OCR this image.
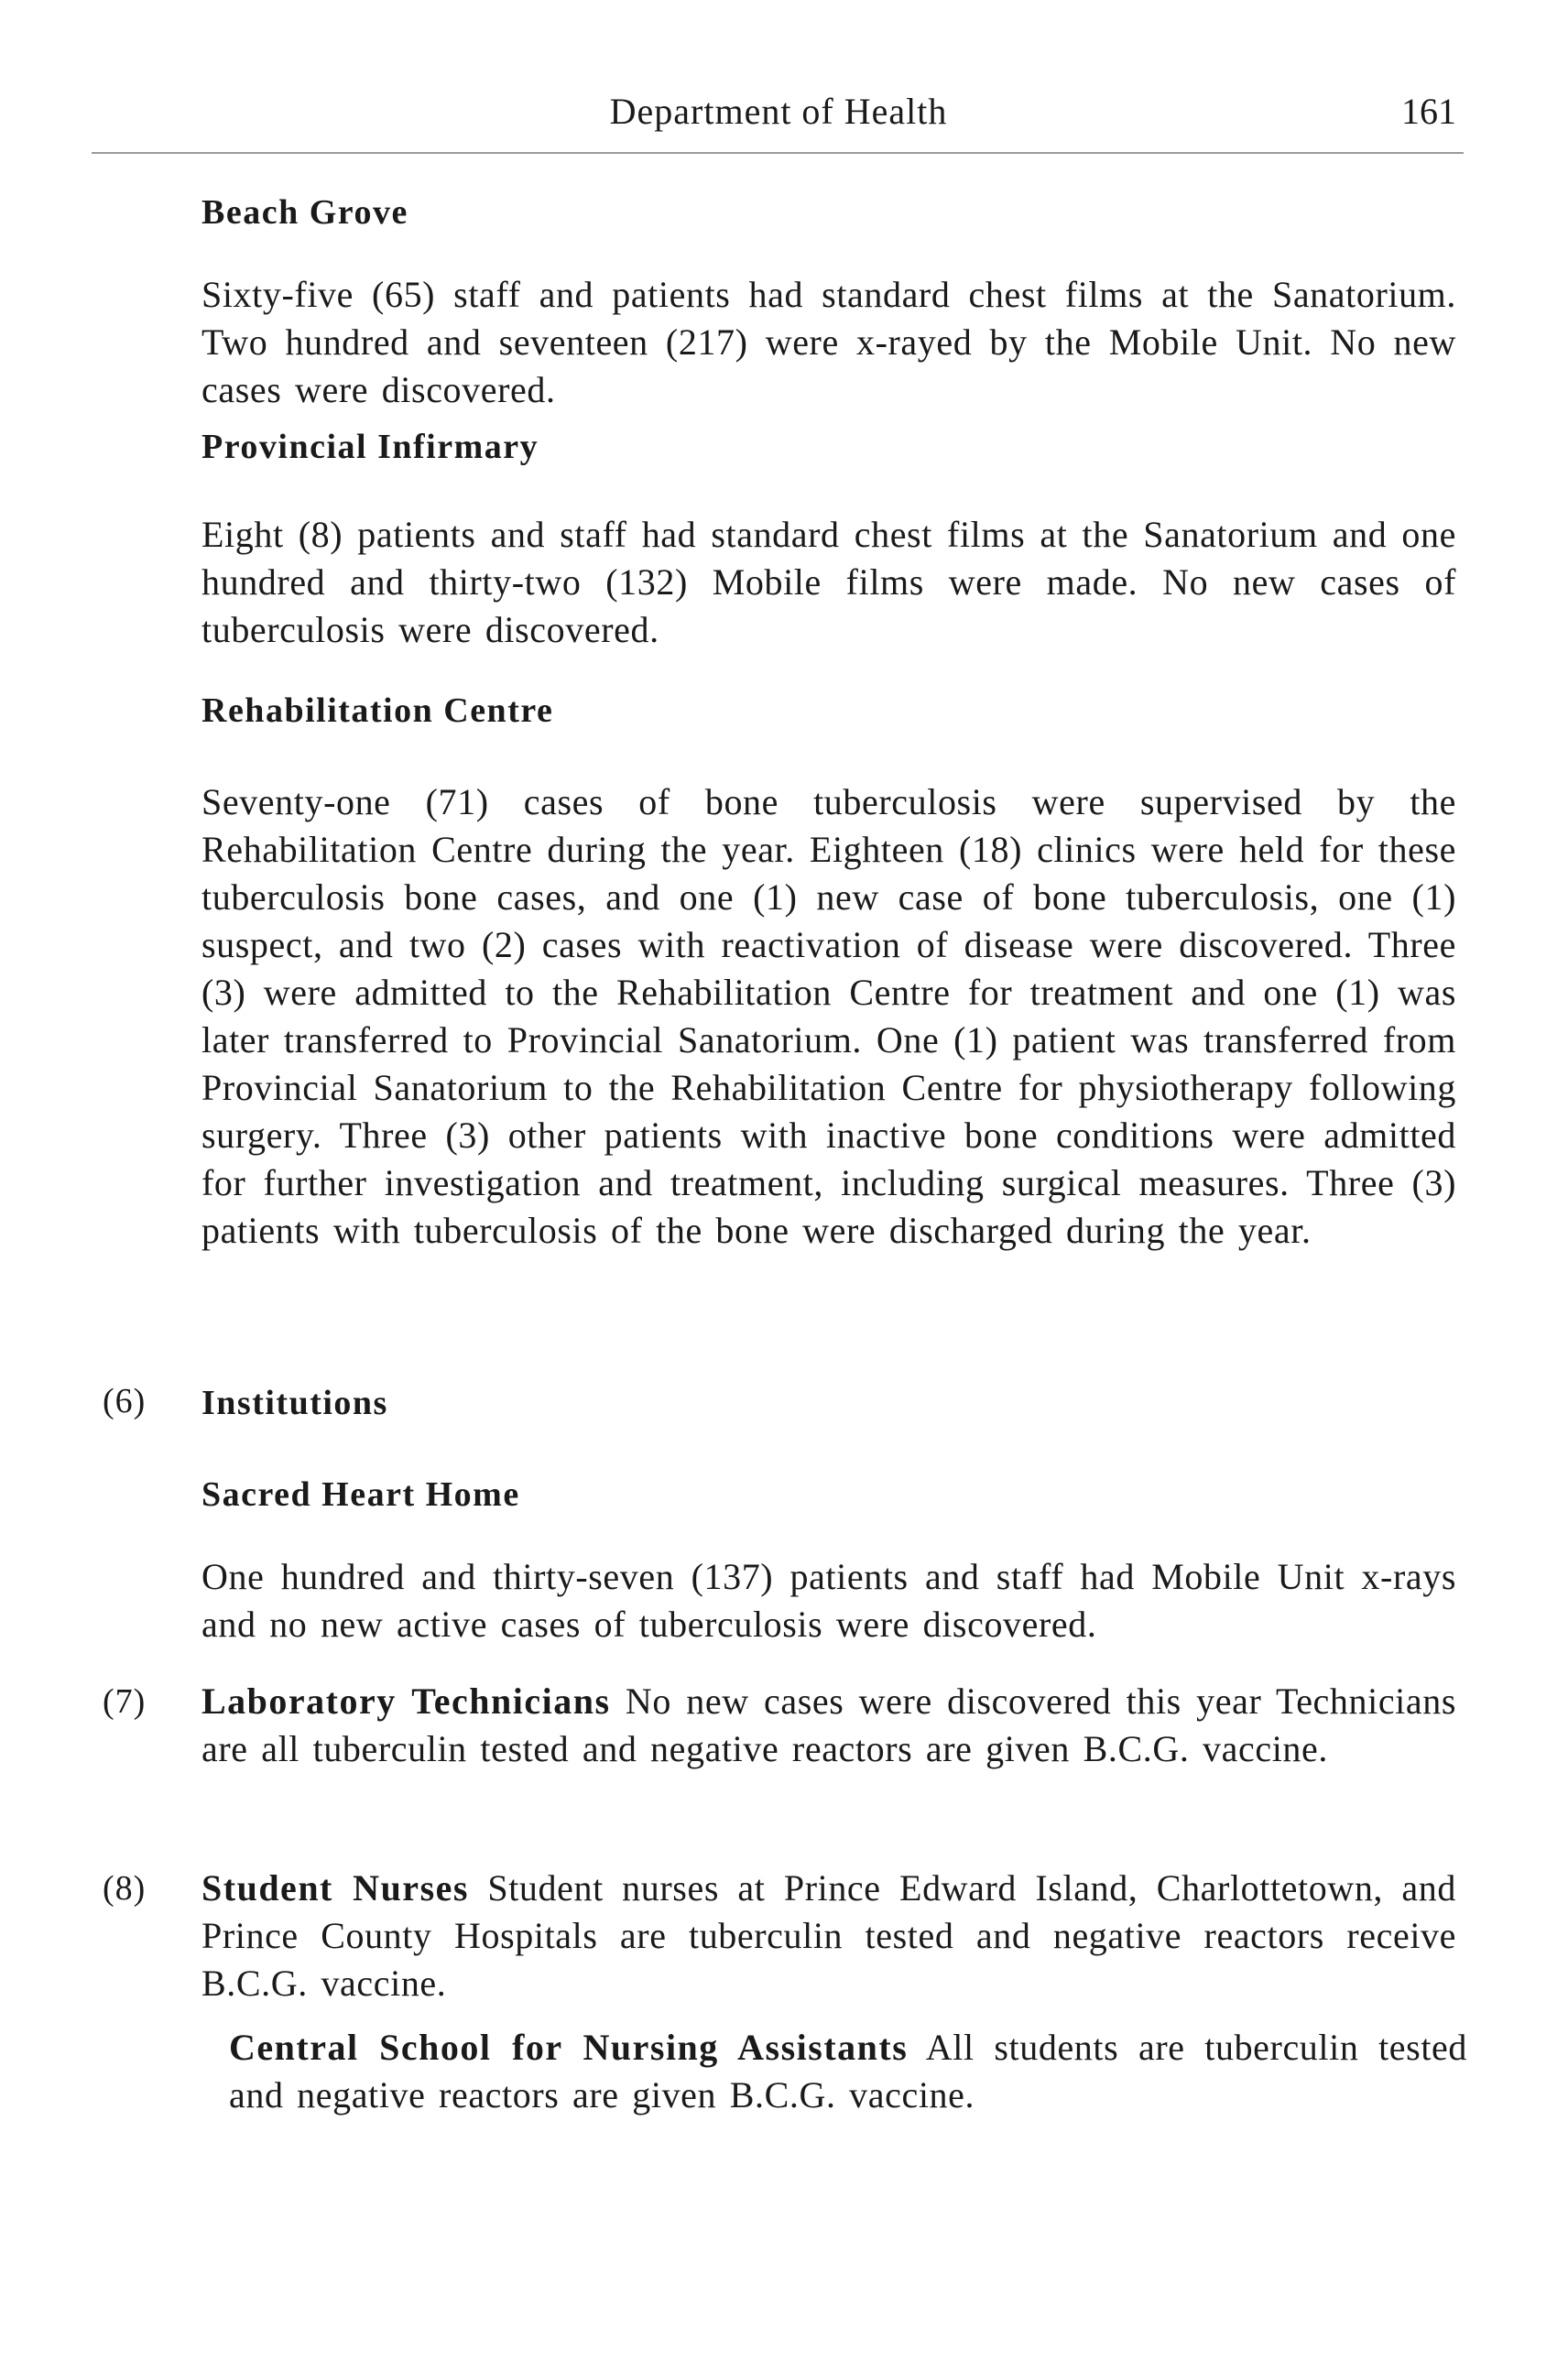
Department of Health	161
Beach Grove
Sixty-five (65) staff and patients had standard chest films at the Sanatorium. Two hundred and seventeen (217) were x-rayed by the Mobile Unit. No new cases were discovered.
Provincial Infirmary
Eight (8) patients and staff had standard chest films at the Sanatorium and one hundred and thirty-two (132) Mobile films were made. No new cases of tuberculosis were discovered.
Rehabilitation Centre
Seventy-one (71) cases of bone tuberculosis were supervised by the Rehabilitation Centre during the year. Eighteen (18) clinics were held for these tuberculosis bone cases, and one (1) new case of bone tuberculosis, one (1) suspect, and two (2) cases with reactivation of disease were discovered. Three (3) were admitted to the Rehabilitation Centre for treatment and one (1) was later transferred to Provincial Sanatorium. One (1) patient was transferred from Provincial Sanatorium to the Rehabilitation Centre for physiotherapy following surgery. Three (3) other patients with inactive bone conditions were admitted for further investigation and treatment, including surgical measures. Three (3) patients with tuberculosis of the bone were discharged during the year.
(6) Institutions
Sacred Heart Home
One hundred and thirty-seven (137) patients and staff had Mobile Unit x-rays and no new active cases of tuberculosis were discovered.
(7) Laboratory Technicians No new cases were discovered this year Technicians are all tuberculin tested and negative reactors are given B.C.G. vaccine.
(8) Student Nurses Student nurses at Prince Edward Island, Charlottetown, and Prince County Hospitals are tuberculin tested and negative reactors receive B.C.G. vaccine.
Central School for Nursing Assistants All students are tuberculin tested and negative reactors are given B.C.G. vaccine.
